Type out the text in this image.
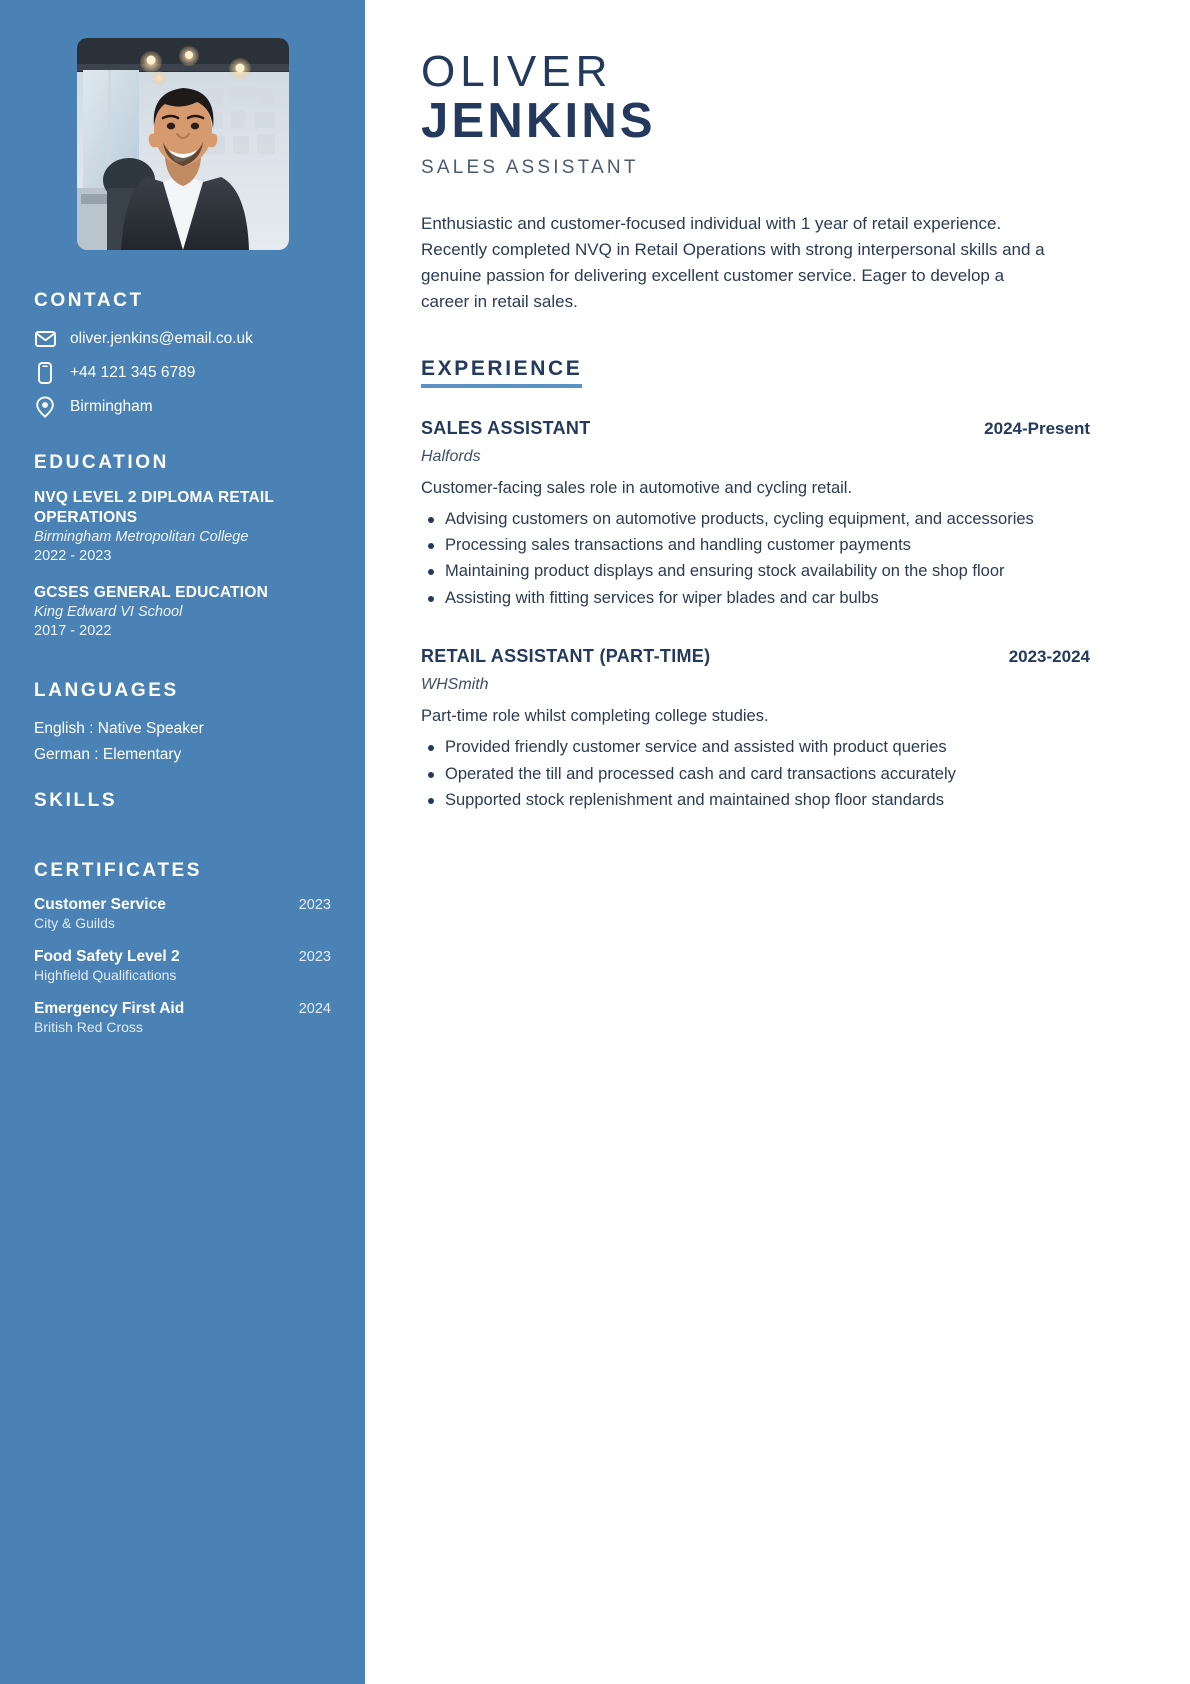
CONTACT
oliver.jenkins@email.co.uk
+44 121 345 6789
Birmingham
EDUCATION
NVQ LEVEL 2 DIPLOMA RETAIL OPERATIONS
Birmingham Metropolitan College
2022 - 2023
GCSES GENERAL EDUCATION
King Edward VI School
2017 - 2022
LANGUAGES
English : Native Speaker
German : Elementary
SKILLS
CERTIFICATES
Customer Service	2023
City & Guilds
Food Safety Level 2	2023
Highfield Qualifications
Emergency First Aid	2024
British Red Cross
OLIVER
JENKINS
SALES ASSISTANT

Enthusiastic and customer-focused individual with 1 year of retail experience. Recently completed NVQ in Retail Operations with strong interpersonal skills and a genuine passion for delivering excellent customer service. Eager to develop a career in retail sales.

EXPERIENCE
SALES ASSISTANT	2024-Present
Halfords
Customer-facing sales role in automotive and cycling retail.
Advising customers on automotive products, cycling equipment, and accessories
Processing sales transactions and handling customer payments
Maintaining product displays and ensuring stock availability on the shop floor
Assisting with fitting services for wiper blades and car bulbs
RETAIL ASSISTANT (PART-TIME)	2023-2024
WHSmith
Part-time role whilst completing college studies.
Provided friendly customer service and assisted with product queries
Operated the till and processed cash and card transactions accurately
Supported stock replenishment and maintained shop floor standards
